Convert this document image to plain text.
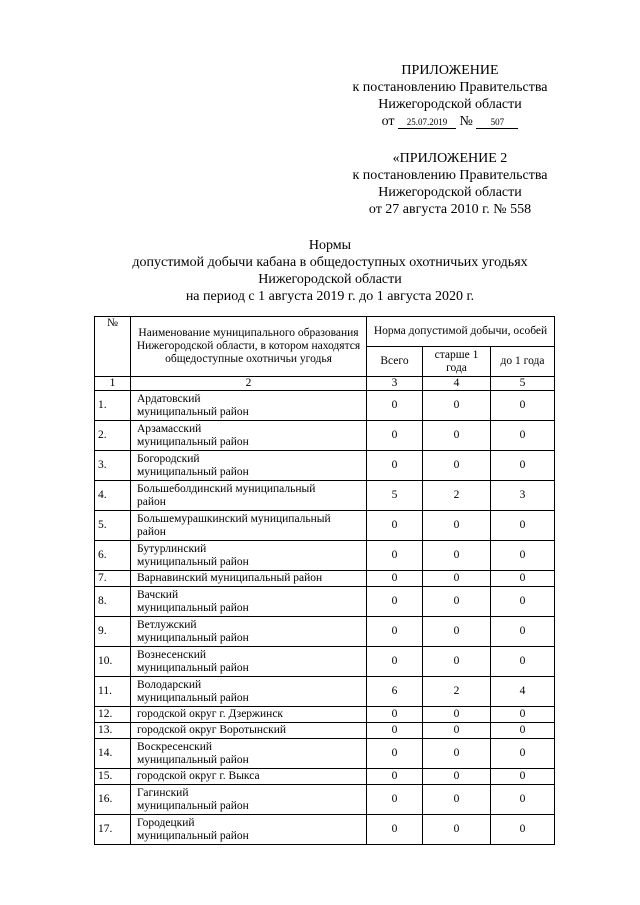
ПРИЛОЖЕНИЕ
к постановлению Правительства
Нижегородской области
от 25.07.2019 № 507
«ПРИЛОЖЕНИЕ 2
к постановлению Правительства
Нижегородской области
от 27 августа 2010 г. № 558
Нормы
допустимой добычи кабана в общедоступных охотничьих угодьях
Нижегородской области
на период с 1 августа 2019 г. до 1 августа 2020 г.
№	Наименование муниципального образования Нижегородской области, в котором находятся общедоступные охотничьи угодья	Норма допустимой добычи, особей		
		Всего	старше 1 года	до 1 года
1	2	3	4	5
1.	Ардатовский
муниципальный район	0	0	0
2.	Арзамасский
муниципальный район	0	0	0
3.	Богородский
муниципальный район	0	0	0
4.	Большеболдинский муниципальный
район	5	2	3
5.	Большемурашкинский муниципальный
район	0	0	0
6.	Бутурлинский
муниципальный район	0	0	0
7.	Варнавинский муниципальный район	0	0	0
8.	Вачский
муниципальный район	0	0	0
9.	Ветлужский
муниципальный район	0	0	0
10.	Вознесенский
муниципальный район	0	0	0
11.	Володарский
муниципальный район	6	2	4
12.	городской округ г. Дзержинск	0	0	0
13.	городской округ Воротынский	0	0	0
14.	Воскресенский
муниципальный район	0	0	0
15.	городской округ г. Выкса	0	0	0
16.	Гагинский
муниципальный район	0	0	0
17.	Городецкий
муниципальный район	0	0	0
